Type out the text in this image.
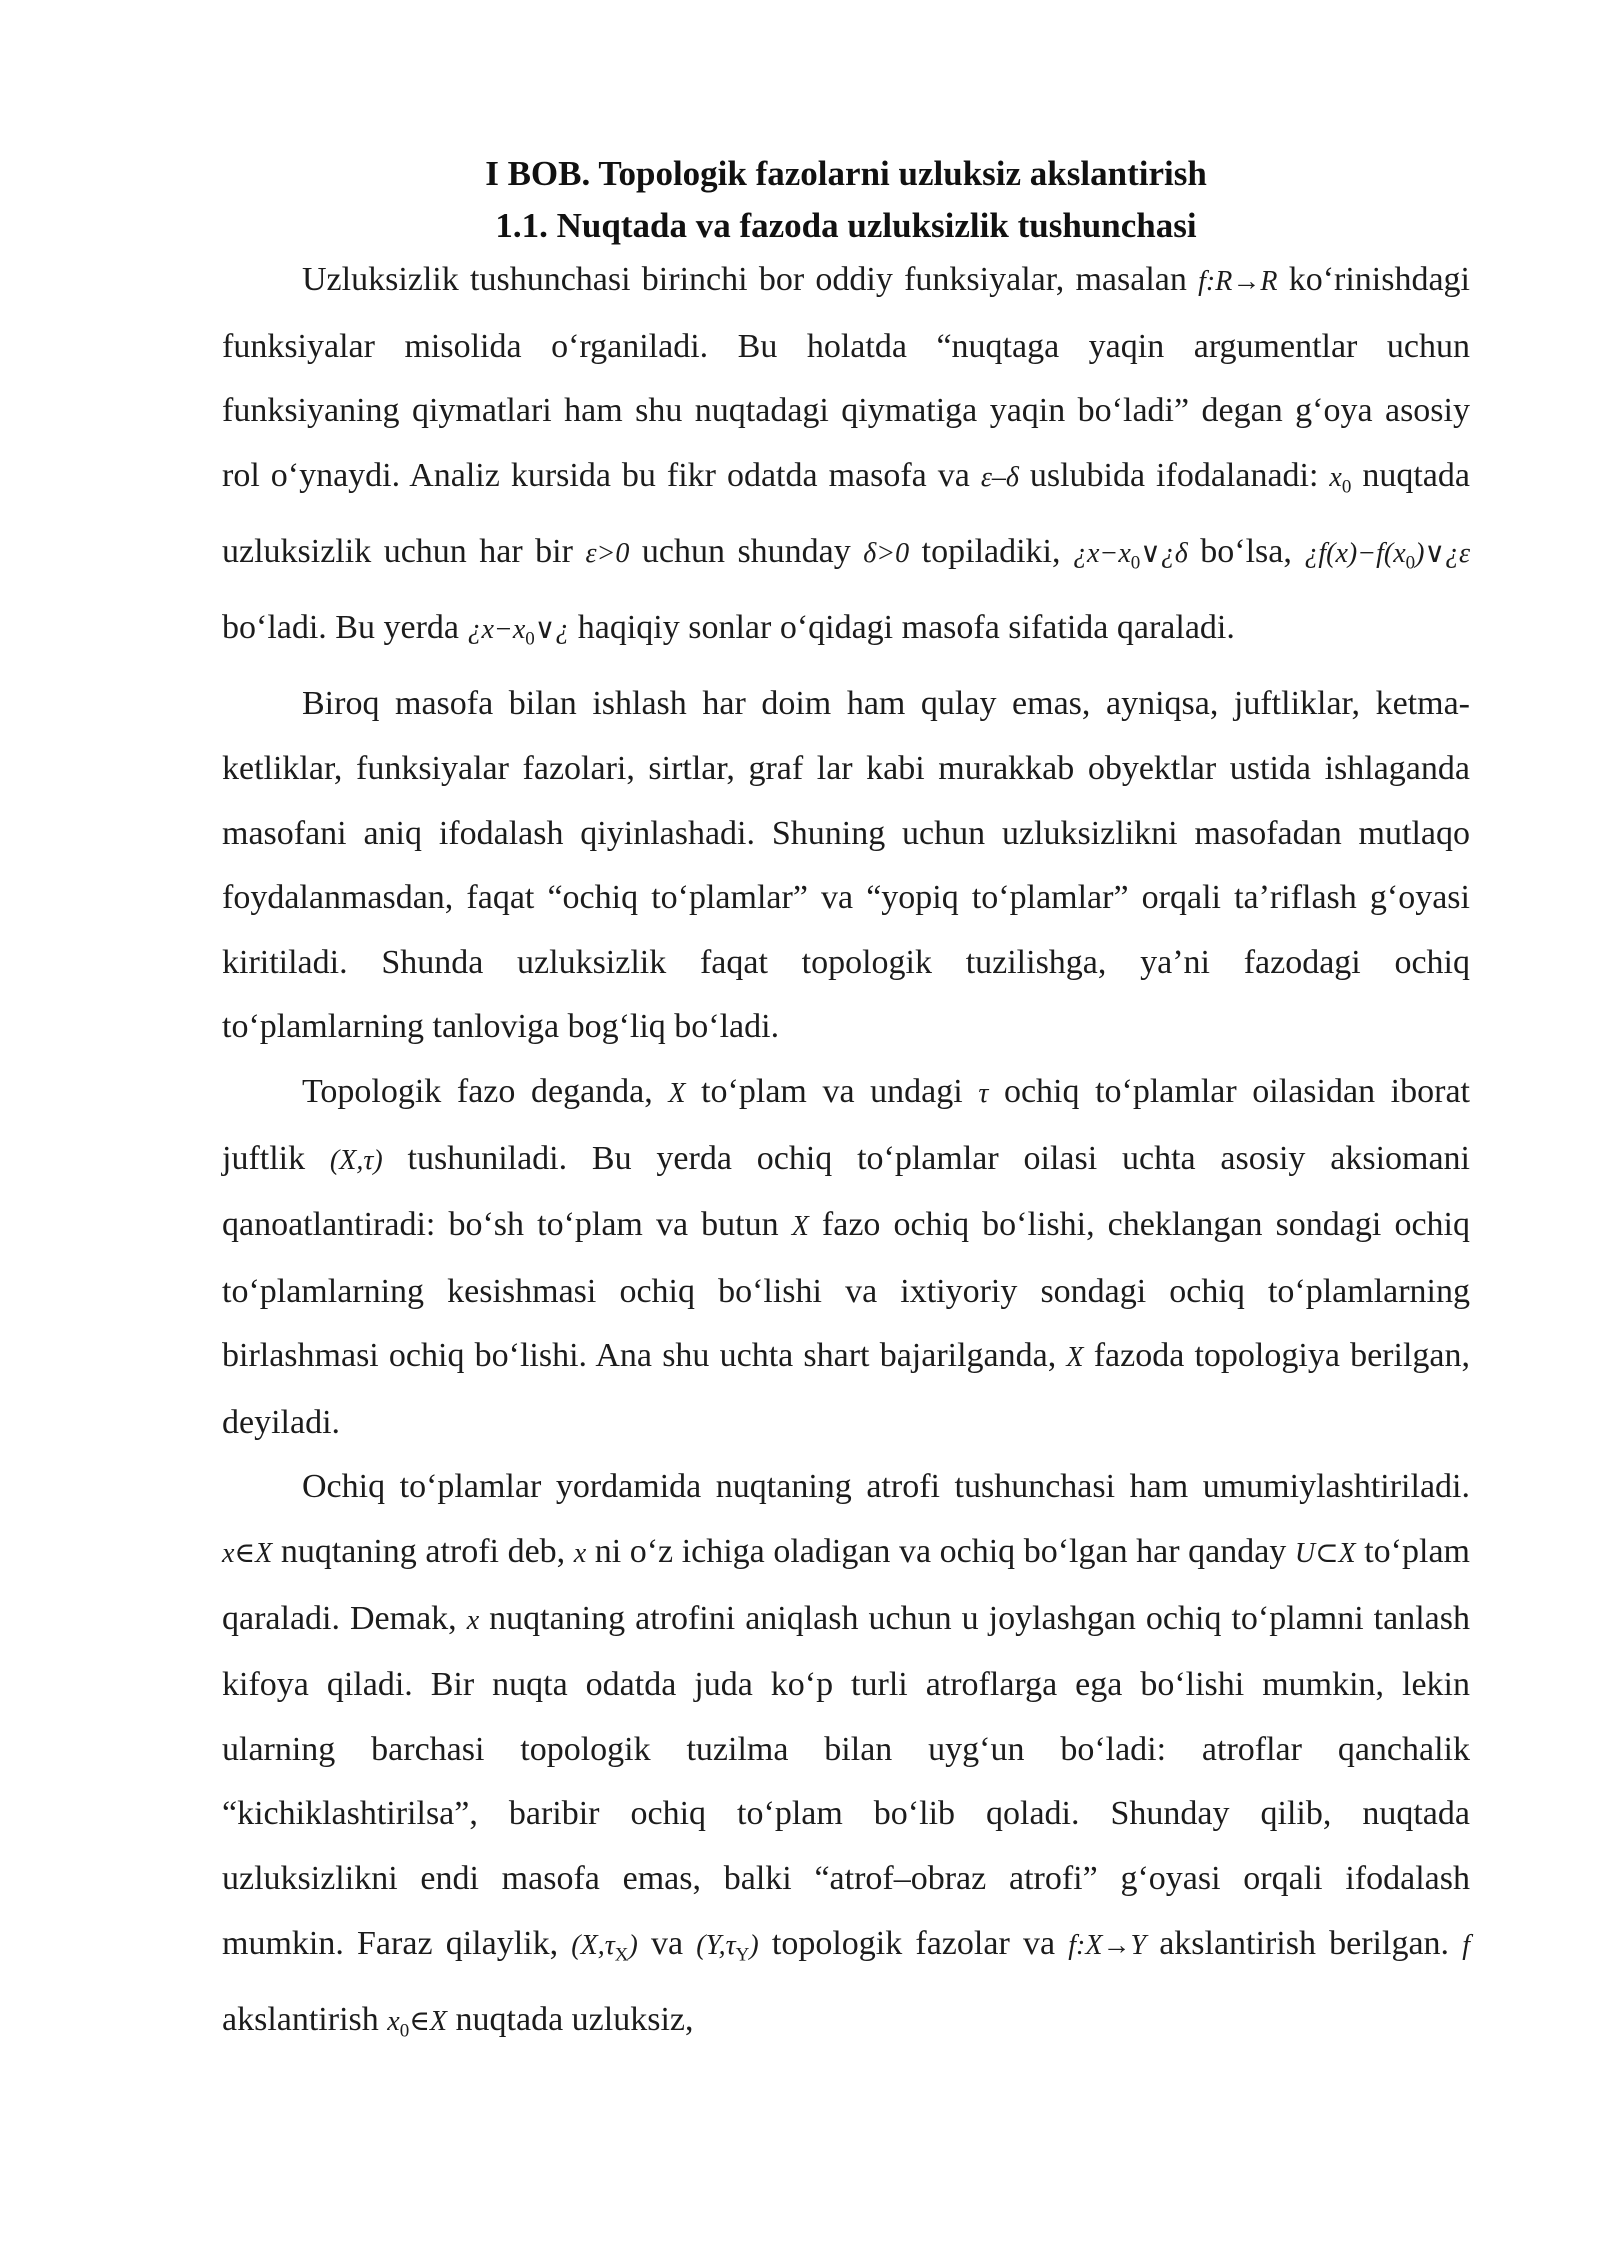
I BOB. Topologik fazolarni uzluksiz akslantirish
1.1. Nuqtada va fazoda uzluksizlik tushunchasi

Uzluksizlik tushunchasi birinchi bor oddiy funksiyalar, masalan f:R→R koʻrinishdagi funksiyalar misolida oʻrganiladi. Bu holatda “nuqtaga yaqin argumentlar uchun funksiyaning qiymatlari ham shu nuqtadagi qiymatiga yaqin boʻladi” degan gʻoya asosiy rol oʻynaydi. Analiz kursida bu fikr odatda masofa va ε–δ uslubida ifodalanadi: $x_0$ nuqtada uzluksizlik uchun har bir ε>0 uchun shunday δ>0 topiladiki, ¿$x-x_0\vee¿\delta$ boʻlsa, ¿$f(x)-f(x_0)\vee¿\varepsilon$ boʻladi. Bu yerda ¿$x-x_0\vee¿$ haqiqiy sonlar oʻqidagi masofa sifatida qaraladi.

Biroq masofa bilan ishlash har doim ham qulay emas, ayniqsa, juftliklar, ketma-ketliklar, funksiyalar fazolari, sirtlar, graf lar kabi murakkab obyektlar ustida ishlaganda masofani aniq ifodalash qiyinlashadi. Shuning uchun uzluksizlikni masofadan mutlaqo foydalanmasdan, faqat “ochiq toʻplamlar” va “yopiq toʻplamlar” orqali taʼriflash gʻoyasi kiritiladi. Shunda uzluksizlik faqat topologik tuzilishga, yaʼni fazodagi ochiq toʻplamlarning tanloviga bogʻliq boʻladi.

Topologik fazo deganda, X toʻplam va undagi τ ochiq toʻplamlar oilasidan iborat juftlik (X,τ) tushuniladi. Bu yerda ochiq toʻplamlar oilasi uchta asosiy aksiomani qanoatlantiradi: boʻsh toʻplam va butun X fazo ochiq boʻlishi, cheklangan sondagi ochiq toʻplamlarning kesishmasi ochiq boʻlishi va ixtiyoriy sondagi ochiq toʻplamlarning birlashmasi ochiq boʻlishi. Ana shu uchta shart bajarilganda, X fazoda topologiya berilgan, deyiladi.

Ochiq toʻplamlar yordamida nuqtaning atrofi tushunchasi ham umumiylashtiriladi. x∈X nuqtaning atrofi deb, x ni oʻz ichiga oladigan va ochiq boʻlgan har qanday U⊂X toʻplam qaraladi. Demak, x nuqtaning atrofini aniqlash uchun u joylashgan ochiq toʻplamni tanlash kifoya qiladi. Bir nuqta odatda juda koʻp turli atroflarga ega boʻlishi mumkin, lekin ularning barchasi topologik tuzilma bilan uygʻun boʻladi: atroflar qanchalik “kichiklashtirilsa”, baribir ochiq toʻplam boʻlib qoladi. Shunday qilib, nuqtada uzluksizlikni endi masofa emas, balki “atrof–obraz atrofi” gʻoyasi orqali ifodalash mumkin. Faraz qilaylik, $(X,\tau_X)$ va $(Y,\tau_Y)$ topologik fazolar va f:X→Y akslantirish berilgan. f akslantirish $x_0\in X$ nuqtada uzluksiz,
